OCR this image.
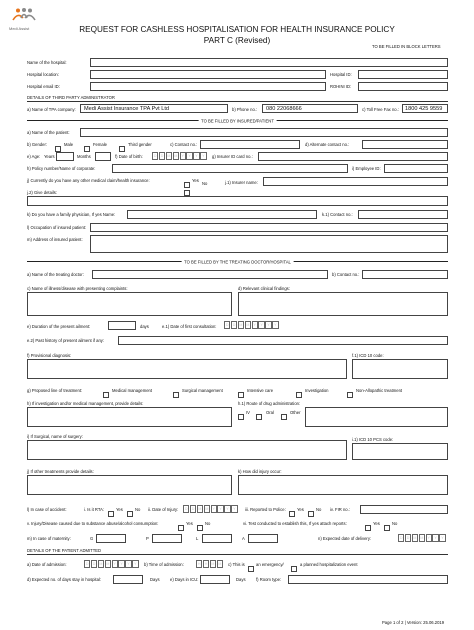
Medi Assist	REQUEST FOR CASHLESS HOSPITALISATION FOR HEALTH INSURANCE POLICY
PART C (Revised)
TO BE FILLED IN BLOCK LETTERS
Name of the hospital:
Hospital location:	Hospital ID:
Hospital email ID:	ROHINI ID:
DETAILS OF THIRD PARTY ADMINISTRATOR
a) Name of TPA company:	Medi Assist Insurance TPA Pvt Ltd	b) Phone no.:	080 22068666	c) Toll Free Fax no.:	1800 425 9559
TO BE FILLED BY INSURED/PATIENT
a) Name of the patient:
b) Gender:	Male	Female	Third gender	c) Contact no.:	d) Alternate contact no.:
e) Age: Years	Months	f) Date of birth:	D	D	M	M	Y	Y	Y	Y	g) Insurer ID card no.:
h) Policy number/Name of corporate:	i) Employee ID:
j) Currently do you have any other medical claim/health insurance:	Yes
No	j.1) Insurer name:
j.2) Give details:
k) Do you have a family physician, If yes Name:	k.1) Contact no.:
l) Occupation of insured patient:
m) Address of insured patient:
TO BE FILLED BY THE TREATING DOCTOR/HOSPITAL
a) Name of the treating doctor:	b) Contact no.:
c) Name of illness/disease with presenting complaints:	d) Relevant clinical findings:
e) Duration of the present ailment:	days	e.1) Date of first consultation:	D	D	M	M	Y	Y	Y	Y
e.2) Past history of present ailment if any:
f) Provisional diagnosis:	f.1) ICD 10 code:
g) Proposed line of treatment:	Medical management	Surgical management	Intensive care	Investigation	Non-Allopathic treatment
h) If investigation and/or medical management, provide details:	h.1) Route of drug administration:
IV	Oral	Other
i) If Surgical, name of surgery:
i.1) ICD 10 PCS code:
j) If other treatments provide details:	k) How did injury occur:
l) In case of accident:	i. Is it RTA:	Yes	No ii. Date of Injury:	D	D	M	M	Y	Y	Y	Y	iii. Reported to Police:	Yes	No iv. FIR no.:
v. Injury/Disease caused due to substance abuse/alcohol consumption:	Yes	No	vi. Test conducted to establish this, If yes attach reports:	Yes	No
m) In case of maternity:	G	P	L	A	n) Expected date of delivery:	D	D	M	M	Y	Y	Y
DETAILS OF THE PATIENT ADMITTED
a) Date of admission:	D	D	M	M	Y	Y	Y	Y	b) Time of admission:	H	H	M	M	c) This is	an emergency/	a planned hospitalization event
d) Expected no. of days stay in hospital:	Days e) Days in ICU:	Days f) Room type:
Page 1 of 2 | Version: 25.06.2019
